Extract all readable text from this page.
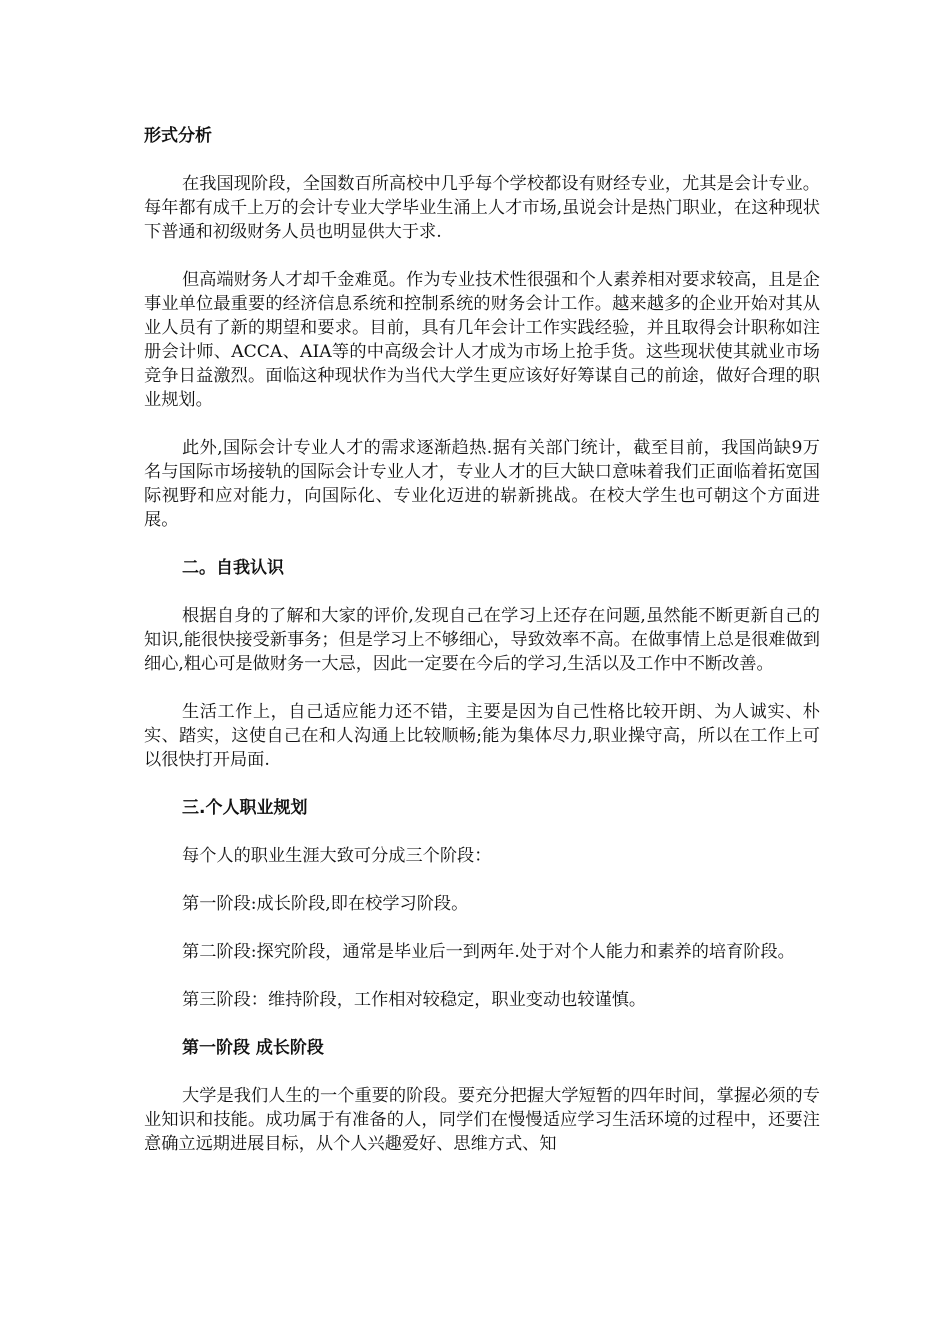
形式分析

在我国现阶段，全国数百所高校中几乎每个学校都设有财经专业，尤其是会计专业。每年都有成千上万的会计专业大学毕业生涌上人才市场,虽说会计是热门职业，在这种现状下普通和初级财务人员也明显供大于求.

但高端财务人才却千金难觅。作为专业技术性很强和个人素养相对要求较高，且是企事业单位最重要的经济信息系统和控制系统的财务会计工作。越来越多的企业开始对其从业人员有了新的期望和要求。目前，具有几年会计工作实践经验，并且取得会计职称如注册会计师、ACCA、AIA等的中高级会计人才成为市场上抢手货。这些现状使其就业市场竞争日益激烈。面临这种现状作为当代大学生更应该好好筹谋自己的前途，做好合理的职业规划。

此外,国际会计专业人才的需求逐渐趋热.据有关部门统计，截至目前，我国尚缺9万名与国际市场接轨的国际会计专业人才，专业人才的巨大缺口意味着我们正面临着拓宽国际视野和应对能力，向国际化、专业化迈进的崭新挑战。在校大学生也可朝这个方面进展。

二。自我认识

根据自身的了解和大家的评价,发现自己在学习上还存在问题,虽然能不断更新自己的知识,能很快接受新事务；但是学习上不够细心，导致效率不高。在做事情上总是很难做到细心,粗心可是做财务一大忌，因此一定要在今后的学习,生活以及工作中不断改善。

生活工作上，自己适应能力还不错，主要是因为自己性格比较开朗、为人诚实、朴实、踏实，这使自己在和人沟通上比较顺畅;能为集体尽力,职业操守高，所以在工作上可以很快打开局面.

三.个人职业规划

每个人的职业生涯大致可分成三个阶段：

第一阶段:成长阶段,即在校学习阶段。

第二阶段:探究阶段，通常是毕业后一到两年.处于对个人能力和素养的培育阶段。

第三阶段：维持阶段，工作相对较稳定，职业变动也较谨慎。

第一阶段 成长阶段

大学是我们人生的一个重要的阶段。要充分把握大学短暂的四年时间，掌握必须的专业知识和技能。成功属于有准备的人，同学们在慢慢适应学习生活环境的过程中，还要注意确立远期进展目标，从个人兴趣爱好、思维方式、知
